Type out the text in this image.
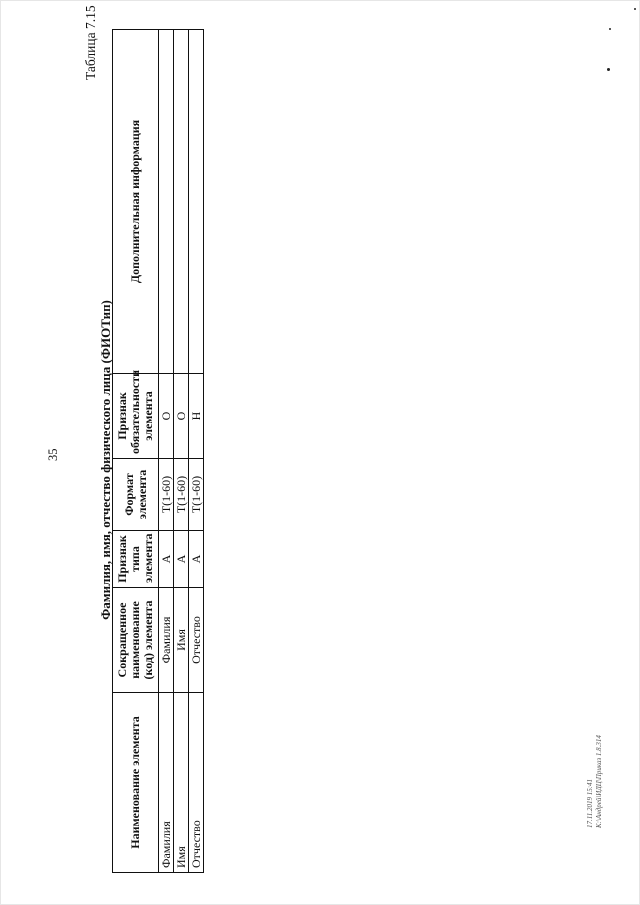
Таблица 7.15
35	Фамилия, имя, отчество физического лица (ФИОТип)
Наименование элемента	Сокращенное наименование (код) элемента	Признак типа элемента	Формат элемента	Признак обязательности элемента	Дополнительная информация
Фамилия	Фамилия	А	Т(1-60)	О	
Имя	Имя	А	Т(1-60)	О	
Отчество	Отчество	А	Т(1-60)	Н	
17.11.2019 15:41 K:\Андрей\ИДЦ\Приказ 1.8.314
